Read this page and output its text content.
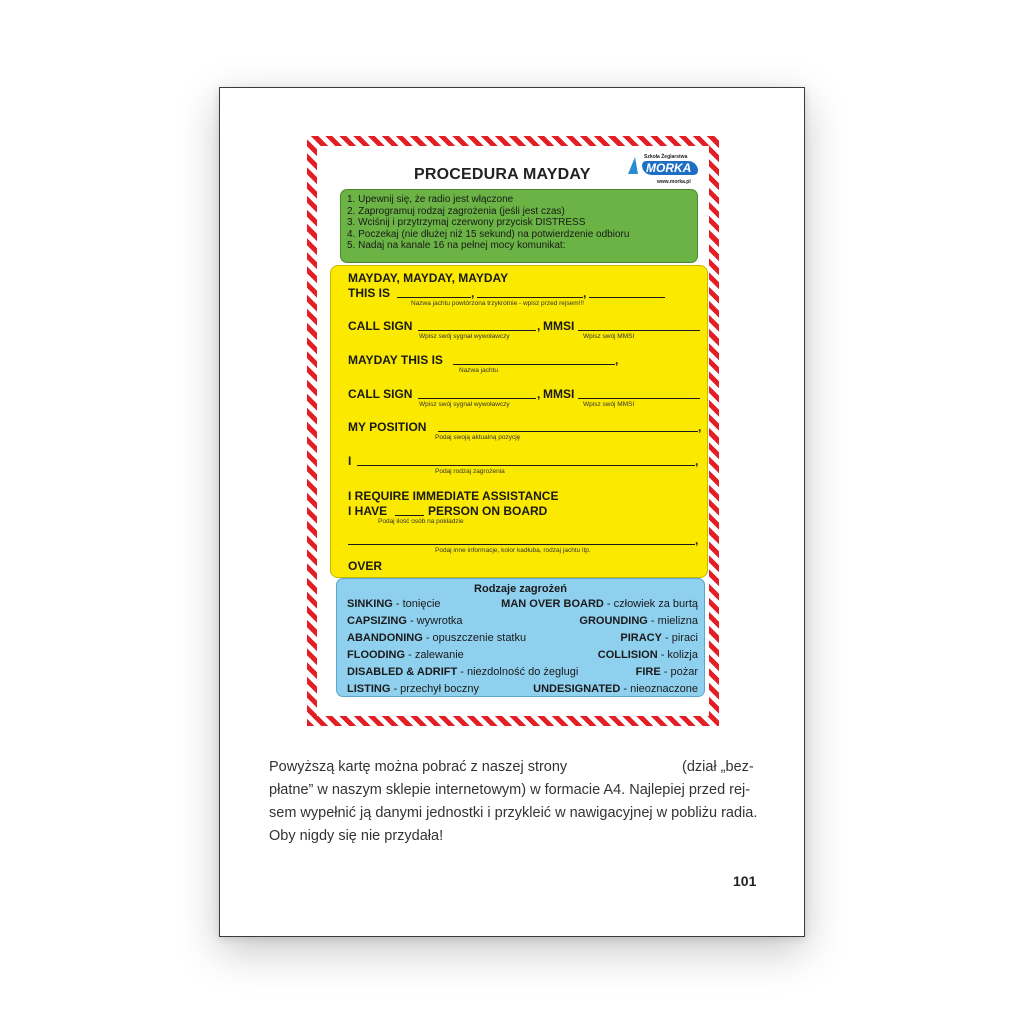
PROCEDURA MAYDAY
Szkoła Żeglarstwa
MORKA
www.morka.pl
1. Upewnij się, że radio jest włączone
2. Zaprogramuj rodzaj zagrożenia (jeśli jest czas)
3. Wciśnij i przytrzymaj czerwony przycisk DISTRESS
4. Poczekaj (nie dłużej niż 15 sekund) na potwierdzenie odbioru
5. Nadaj na kanale 16 na pełnej mocy komunikat:
MAYDAY, MAYDAY, MAYDAY
THIS IS	,	,
Nazwa jachtu powtórzona trzykrotnie - wpisz przed rejsem!!!
CALL SIGN	, MMSI
Wpisz swój sygnał wywoławczy	Wpisz swój MMSI
MAYDAY THIS IS	,
Nazwa jachtu
CALL SIGN	, MMSI
Wpisz swój sygnał wywoławczy	Wpisz swój MMSI
MY POSITION	,
Podaj swoją aktualną pozycję
I	,
Podaj rodzaj zagrożenia
I REQUIRE IMMEDIATE ASSISTANCE
I HAVE	PERSON ON BOARD
Podaj ilość osób na pokładzie
,
Podaj inne informacje, kolor kadłuba, rodzaj jachtu itp.
OVER
Rodzaje zagrożeń
SINKING - tonięcie	MAN OVER BOARD - człowiek za burtą
CAPSIZING - wywrotka	GROUNDING - mielizna
ABANDONING - opuszczenie statku	PIRACY - piraci
FLOODING - zalewanie	COLLISION - kolizja
DISABLED & ADRIFT - niezdolność do żeglugi	FIRE - pożar
LISTING - przechył boczny	UNDESIGNATED - nieoznaczone
Powyższą kartę można pobrać z naszej strony	(dział „bez-
płatne” w naszym sklepie internetowym) w formacie A4. Najlepiej przed rej-
sem wypełnić ją danymi jednostki i przykleić w nawigacyjnej w pobliżu radia.
Oby nigdy się nie przydała!
101
